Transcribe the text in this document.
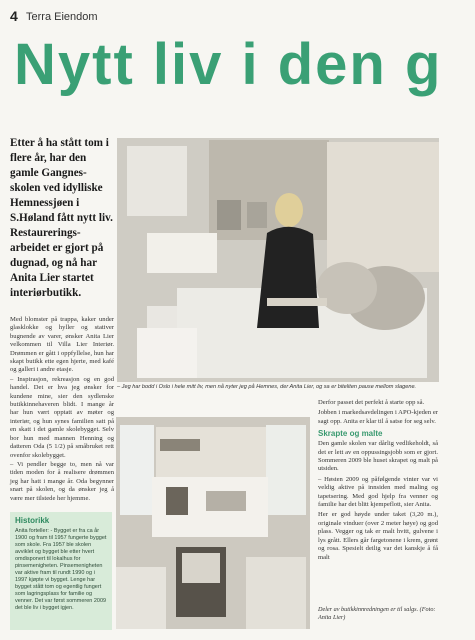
4 Terra Eiendom
Nytt liv i den g
Etter å ha stått tom i flere år, har den gamle Gangnes-skolen ved idylliske Hemnessjøen i S.Høland fått nytt liv. Restaurerings-arbeidet er gjort på dugnad, og nå har Anita Lier startet interiørbutikk.

Med blomster på trappa, kaker under glasklokke og hyller og stativer bugnende av varer, ønsker Anita Lier velkommen til Villa Lier Interiør. Drømmen er gått i oppfyllelse, hun har skapt butikk ette egen hjerte, med kafé og galleri i andre etasje.

– Inspirasjon, rekreasjon og en god handel. Det er hva jeg ønsker for kundene mine, sier den sydlenske butikkinnehaveren blidt. I mange år har hun vært opptatt av møter og interiør, og hun synes familien satt på en skatt i det gamle skolebygget. Selv bor hun med mannen Henning og datteren Oda (5 1/2) på småbruket rett ovenfor skolebygget.

– Vi pendler begge to, men nå var tiden moden for å realisere drømmen jeg har hatt i mange år. Oda begynner snart på skolen, og da ønsker jeg å være mer tilstede her hjemme.

– Jeg har bodd i Oslo i hele mitt liv, men nå nyter jeg på Hemnes, der Anita Lier, og sa er biteliten pause mellom slagene.

Derfor passet det perfekt å starte opp så.

Jobben i markedsavdelingen i APO-kjeden er sagt opp. Anita er klar til å satse for seg selv.

Skrapte og malte

Den gamle skolen var dårlig vedlikeholdt, så det er lett av en oppussingsjobb som er gjort. Sommeren 2009 ble huset skrapet og malt på utsiden.

– Høsten 2009 og påfølgende vinter var vi veldig aktive på innsiden med maling og tapetsering. Med god hjelp fra venner og familie har det blitt kjempeflott, sier Anita.

Her er god høyde under taket (3,20 m.), originale vinduer (over 2 meter høye) og god plass. Vegger og tak er malt hvitt, gulvene i lys grått. Ellers går fargetonene i krem, grønt og rosa. Spesielt deilig var det kanskje å få malt

Deler av butikkinnredningen er til salgs. (Foto: Anita Lier)
Historikk
Anita forteller: - Bygget er fra ca år 1900 og fram til 1957 fungerte bygget som skole. Fra 1957 ble skolen avviklet og bygget ble etter hvert omdisponert til lokalhus for pinsemenigheten. Pinsemenigheten var aktive fram til rundt 1990 og i 1997 kjøpte vi bygget. Lenge har bygget stått tom og egentlig fungert som lagringsplass for familie og venner. Det var først sommeren 2009 det ble liv i bygget igjen.
